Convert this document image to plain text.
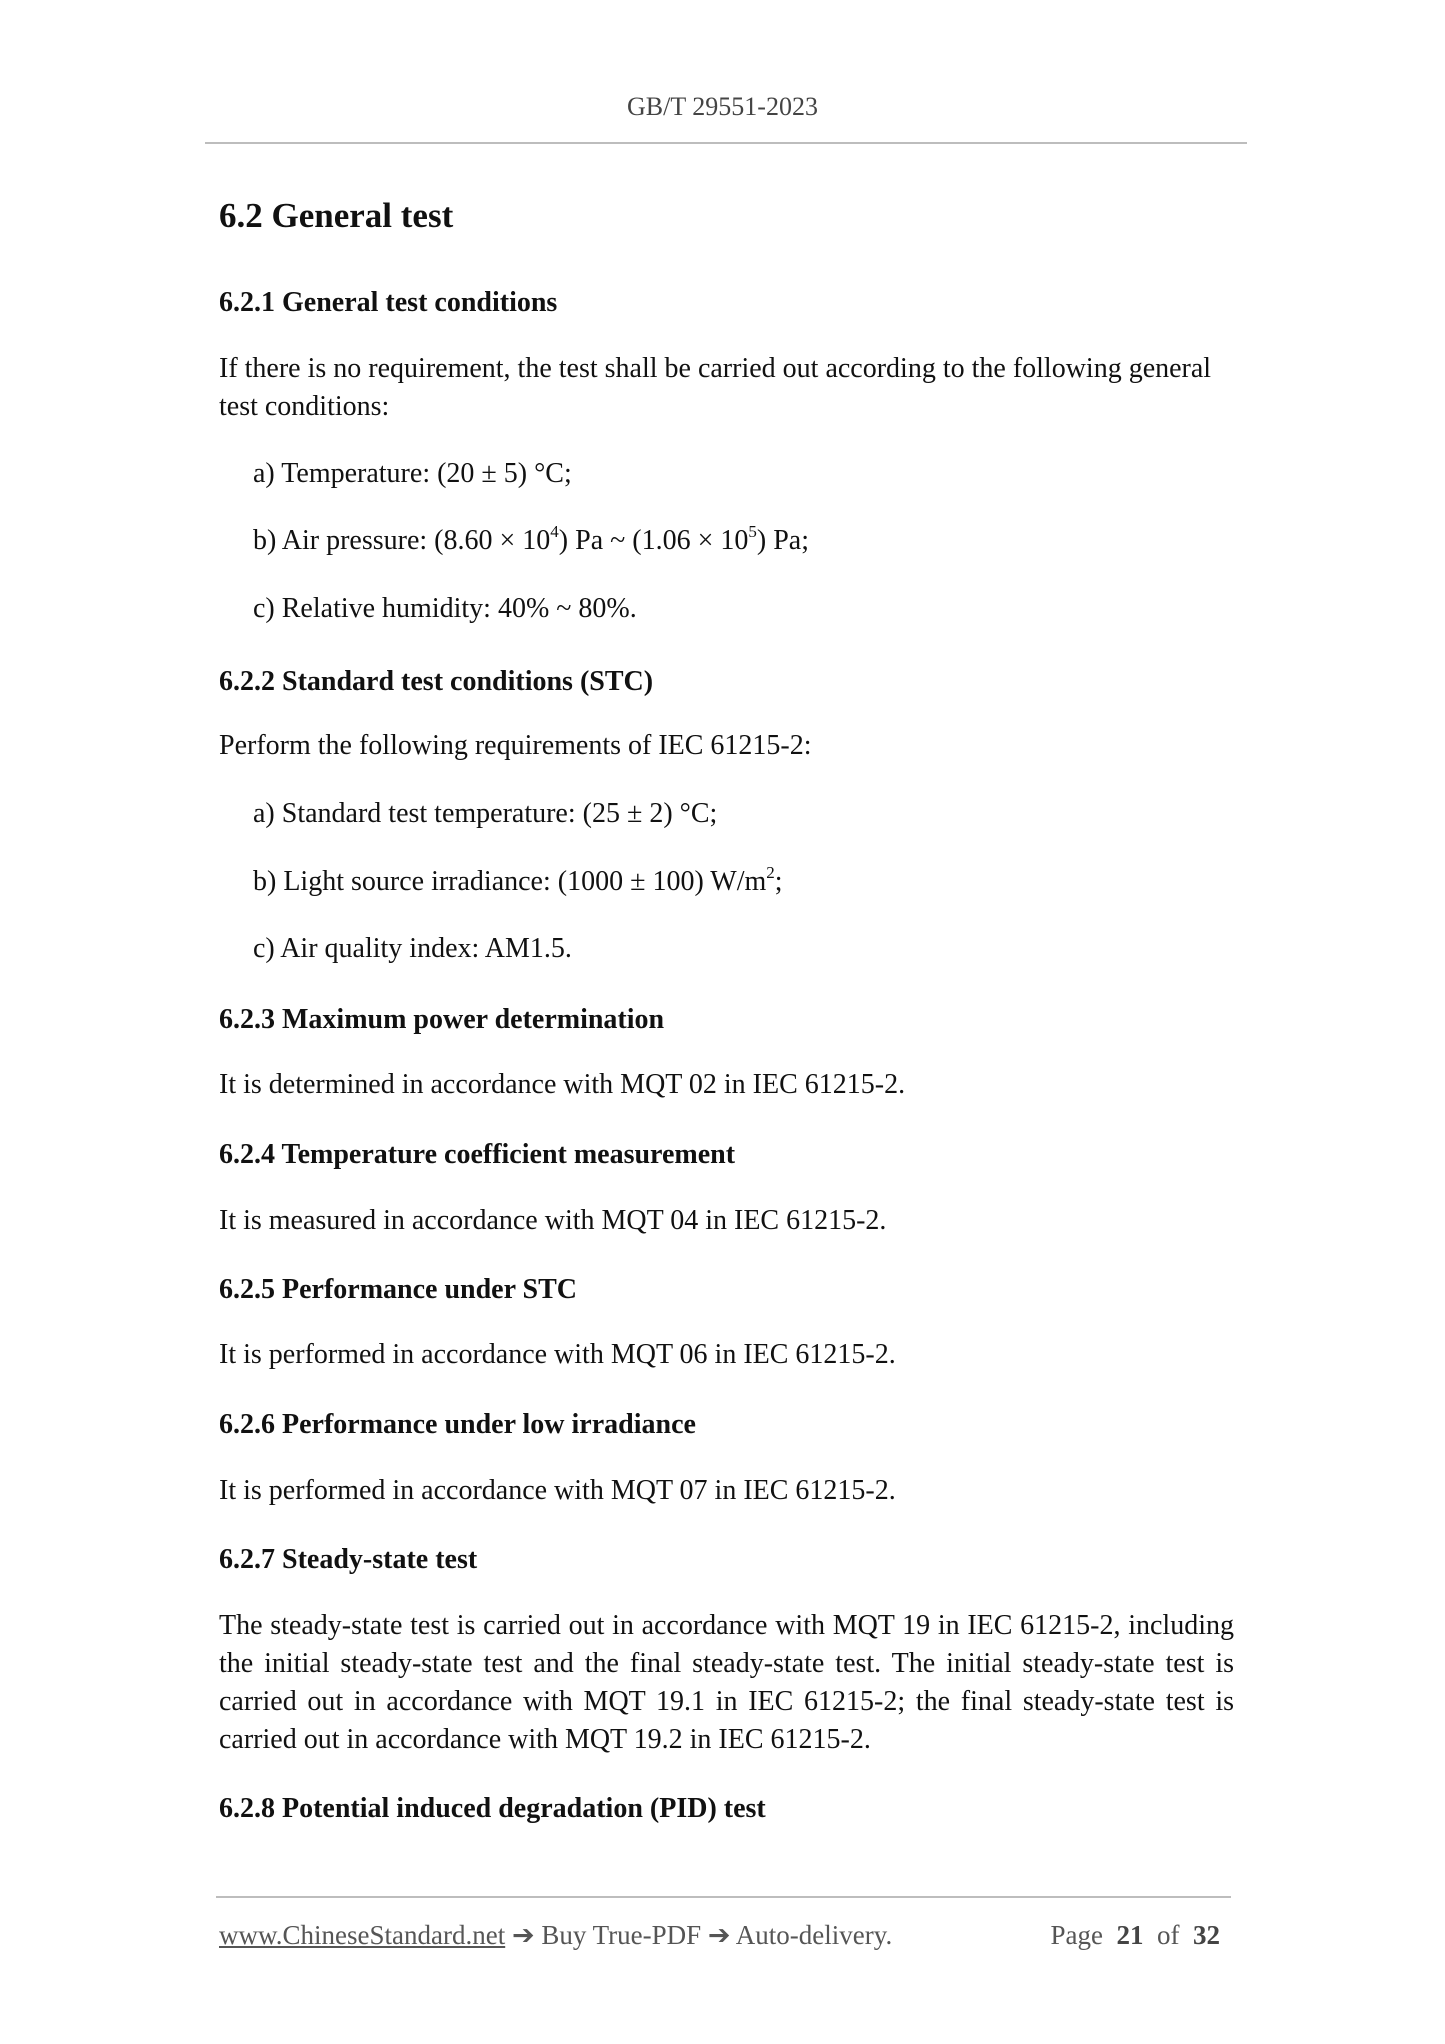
GB/T 29551-2023
6.2 General test
6.2.1 General test conditions

If there is no requirement, the test shall be carried out according to the following general test conditions:

a) Temperature: (20 ± 5) °C;

b) Air pressure: $(8.60 \times 10^4)$ Pa ~ $(1.06 \times 10^5)$ Pa;

c) Relative humidity: 40% ~ 80%.

6.2.2 Standard test conditions (STC)

Perform the following requirements of IEC 61215-2:

a) Standard test temperature: (25 ± 2) °C;

b) Light source irradiance: (1000 ± 100) $W/m^2$;

c) Air quality index: AM1.5.

6.2.3 Maximum power determination

It is determined in accordance with MQT 02 in IEC 61215-2.

6.2.4 Temperature coefficient measurement

It is measured in accordance with MQT 04 in IEC 61215-2.

6.2.5 Performance under STC

It is performed in accordance with MQT 06 in IEC 61215-2.

6.2.6 Performance under low irradiance

It is performed in accordance with MQT 07 in IEC 61215-2.

6.2.7 Steady-state test

The steady-state test is carried out in accordance with MQT 19 in IEC 61215-2, including the initial steady-state test and the final steady-state test. The initial steady-state test is carried out in accordance with MQT 19.1 in IEC 61215-2; the final steady-state test is carried out in accordance with MQT 19.2 in IEC 61215-2.

6.2.8 Potential induced degradation (PID) test
www.ChineseStandard.net ➔ Buy True-PDF ➔ Auto-delivery.	Page 21 of 32
